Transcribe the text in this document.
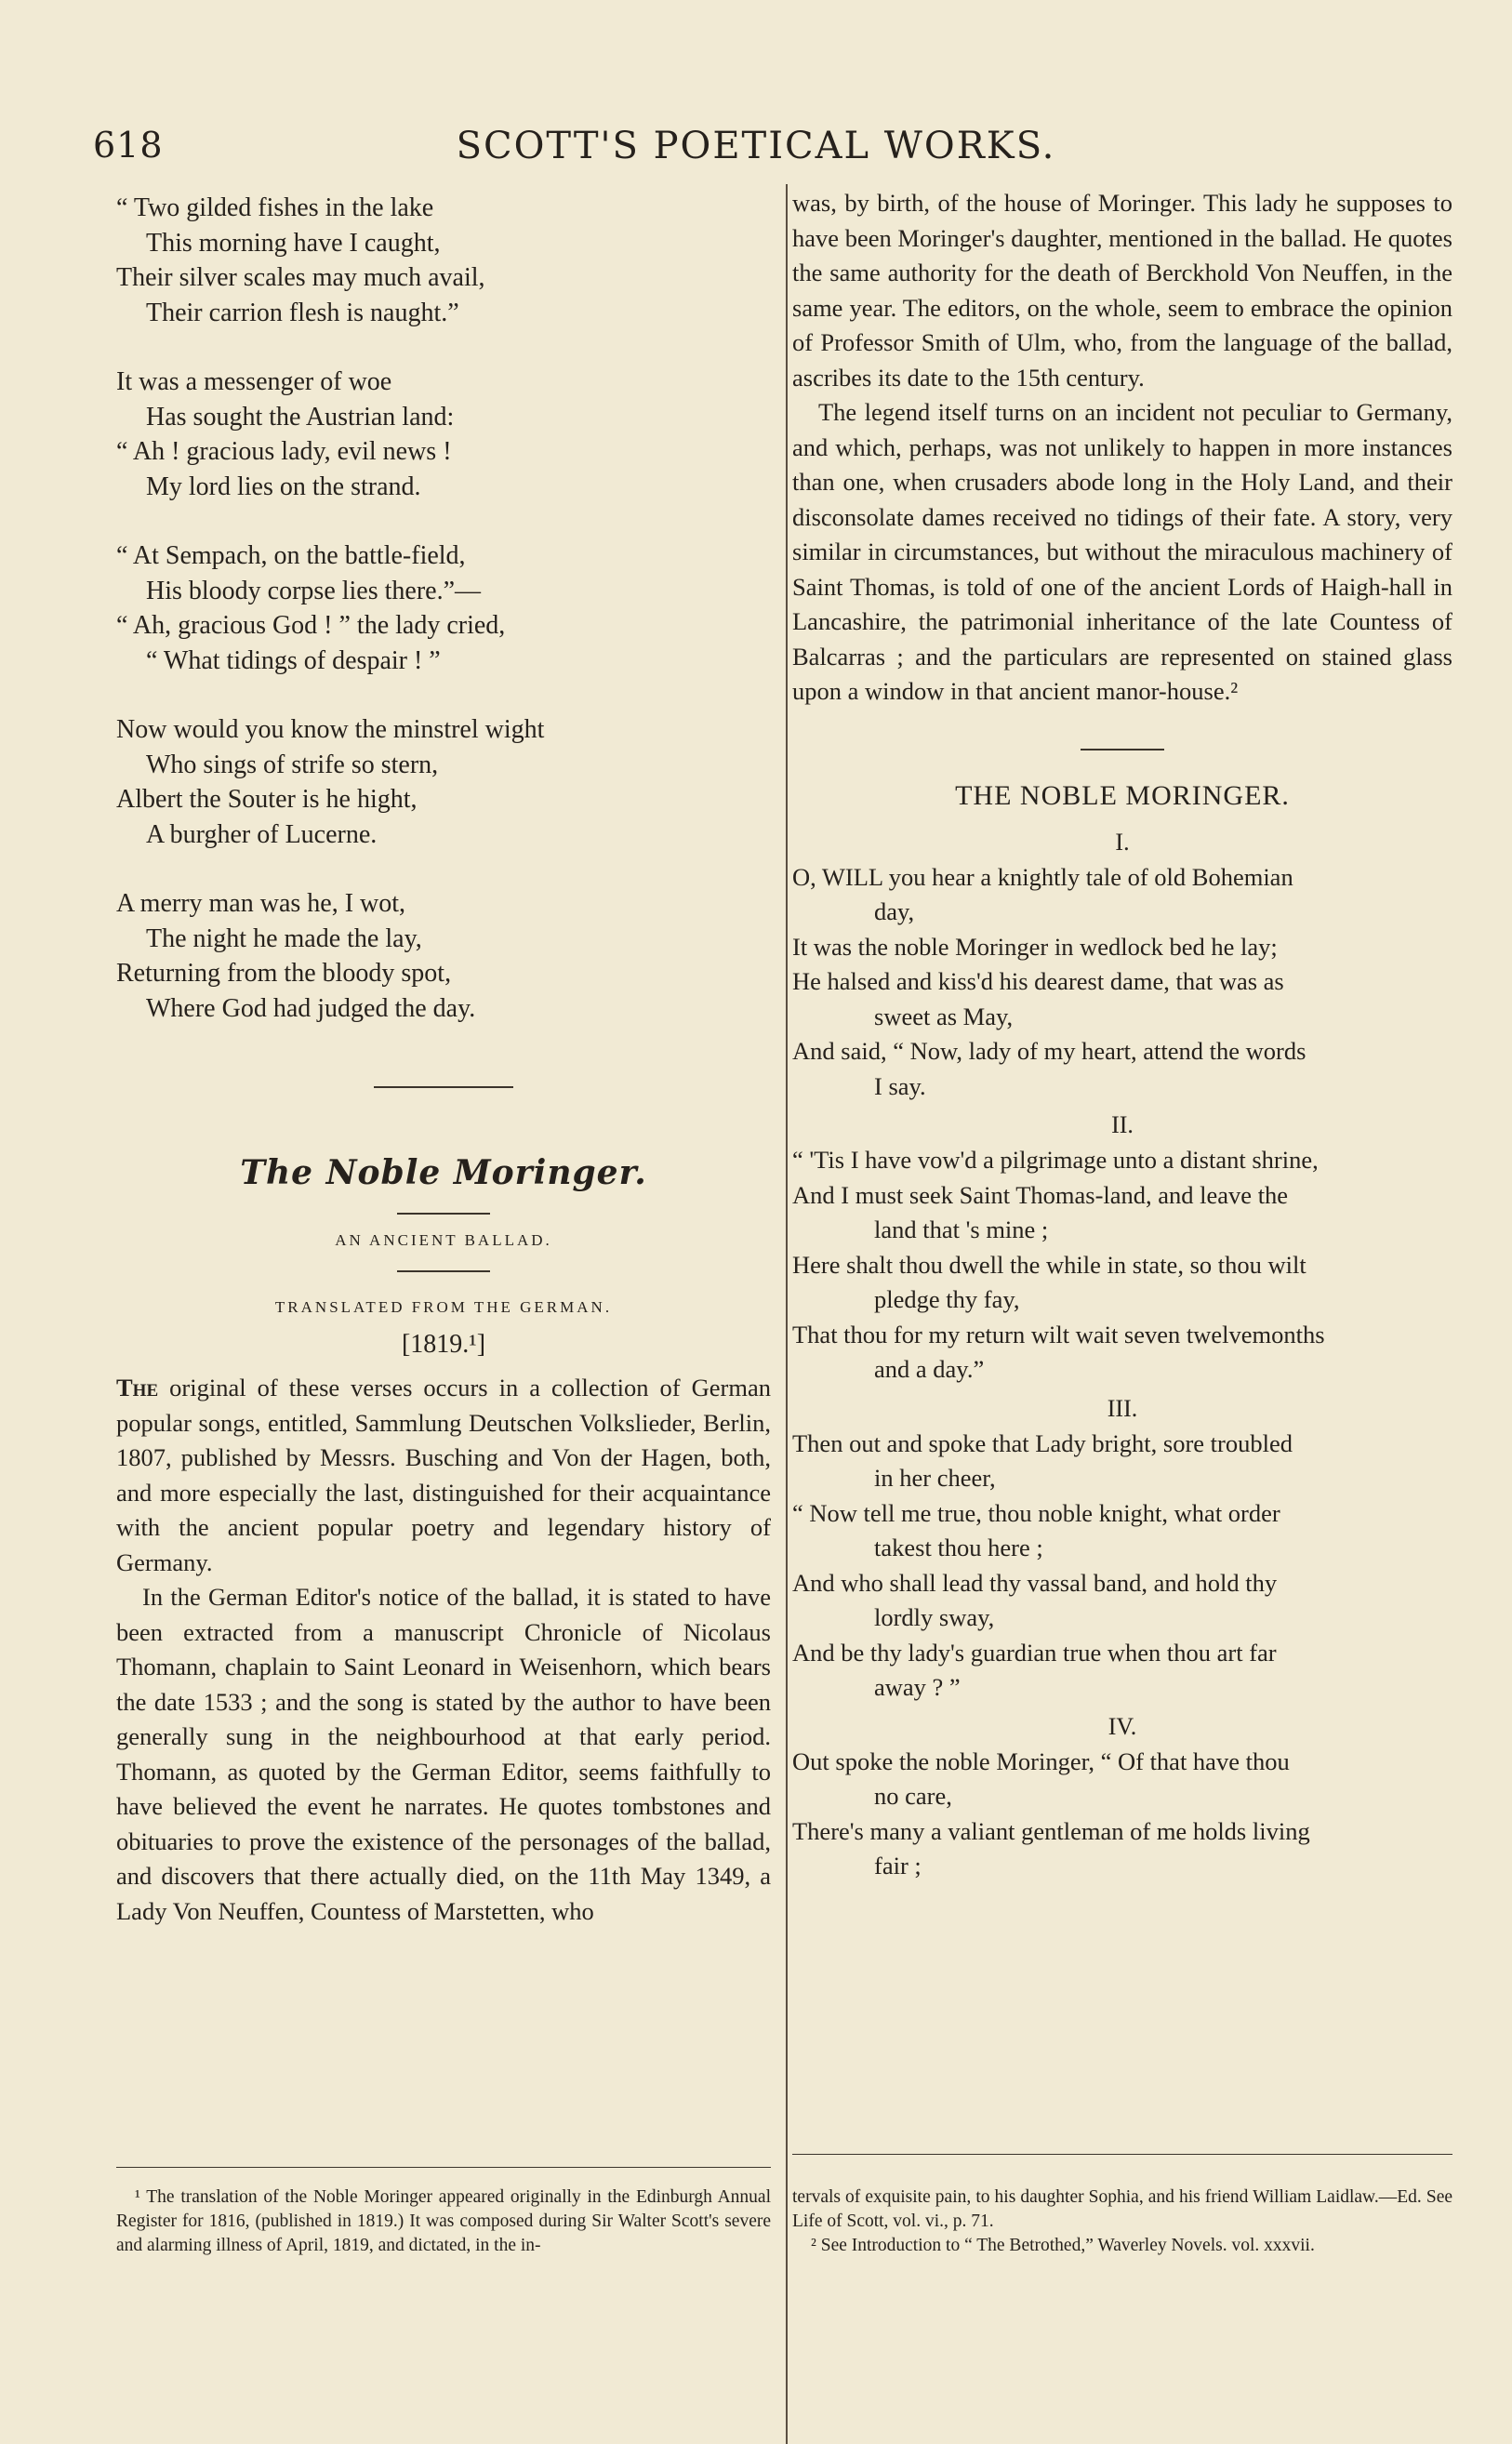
618	SCOTT'S POETICAL WORKS.
“ Two gilded fishes in the lake
This morning have I caught,
Their silver scales may much avail,
Their carrion flesh is naught.”
It was a messenger of woe
Has sought the Austrian land:
“ Ah ! gracious lady, evil news !
My lord lies on the strand.
“ At Sempach, on the battle-field,
His bloody corpse lies there.”—
“ Ah, gracious God ! ” the lady cried,
“ What tidings of despair ! ”
Now would you know the minstrel wight
Who sings of strife so stern,
Albert the Souter is he hight,
A burgher of Lucerne.
A merry man was he, I wot,
The night he made the lay,
Returning from the bloody spot,
Where God had judged the day.
The Noble Moringer.
AN ANCIENT BALLAD.
TRANSLATED FROM THE GERMAN.
[1819.¹]

The original of these verses occurs in a collection of German popular songs, entitled, Sammlung Deutschen Volkslieder, Berlin, 1807, published by Messrs. Busching and Von der Hagen, both, and more especially the last, distinguished for their acquaintance with the ancient popular poetry and legendary history of Germany.

In the German Editor's notice of the ballad, it is stated to have been extracted from a manuscript Chronicle of Nicolaus Thomann, chaplain to Saint Leonard in Weisenhorn, which bears the date 1533 ; and the song is stated by the author to have been generally sung in the neighbourhood at that early period. Thomann, as quoted by the German Editor, seems faithfully to have believed the event he narrates. He quotes tombstones and obituaries to prove the existence of the personages of the ballad, and discovers that there actually died, on the 11th May 1349, a Lady Von Neuffen, Countess of Marstetten, who

was, by birth, of the house of Moringer. This lady he supposes to have been Moringer's daughter, mentioned in the ballad. He quotes the same authority for the death of Berckhold Von Neuffen, in the same year. The editors, on the whole, seem to embrace the opinion of Professor Smith of Ulm, who, from the language of the ballad, ascribes its date to the 15th century.

The legend itself turns on an incident not peculiar to Germany, and which, perhaps, was not unlikely to happen in more instances than one, when crusaders abode long in the Holy Land, and their disconsolate dames received no tidings of their fate. A story, very similar in circumstances, but without the miraculous machinery of Saint Thomas, is told of one of the ancient Lords of Haigh-hall in Lancashire, the patrimonial inheritance of the late Countess of Balcarras ; and the particulars are represented on stained glass upon a window in that ancient manor-house.²

THE NOBLE MORINGER.
I.
O, WILL you hear a knightly tale of old Bohemian
day,
It was the noble Moringer in wedlock bed he lay;
He halsed and kiss'd his dearest dame, that was as
sweet as May,
And said, “ Now, lady of my heart, attend the words
I say.
II.
“ 'Tis I have vow'd a pilgrimage unto a distant shrine,
And I must seek Saint Thomas-land, and leave the
land that 's mine ;
Here shalt thou dwell the while in state, so thou wilt
pledge thy fay,
That thou for my return wilt wait seven twelvemonths
and a day.”
III.
Then out and spoke that Lady bright, sore troubled
in her cheer,
“ Now tell me true, thou noble knight, what order
takest thou here ;
And who shall lead thy vassal band, and hold thy
lordly sway,
And be thy lady's guardian true when thou art far
away ? ”
IV.
Out spoke the noble Moringer, “ Of that have thou
no care,
There's many a valiant gentleman of me holds living
fair ;

¹ The translation of the Noble Moringer appeared originally in the Edinburgh Annual Register for 1816, (published in 1819.) It was composed during Sir Walter Scott's severe and alarming illness of April, 1819, and dictated, in the in-

tervals of exquisite pain, to his daughter Sophia, and his friend William Laidlaw.—Ed. See Life of Scott, vol. vi., p. 71.

² See Introduction to “ The Betrothed,” Waverley Novels. vol. xxxvii.
